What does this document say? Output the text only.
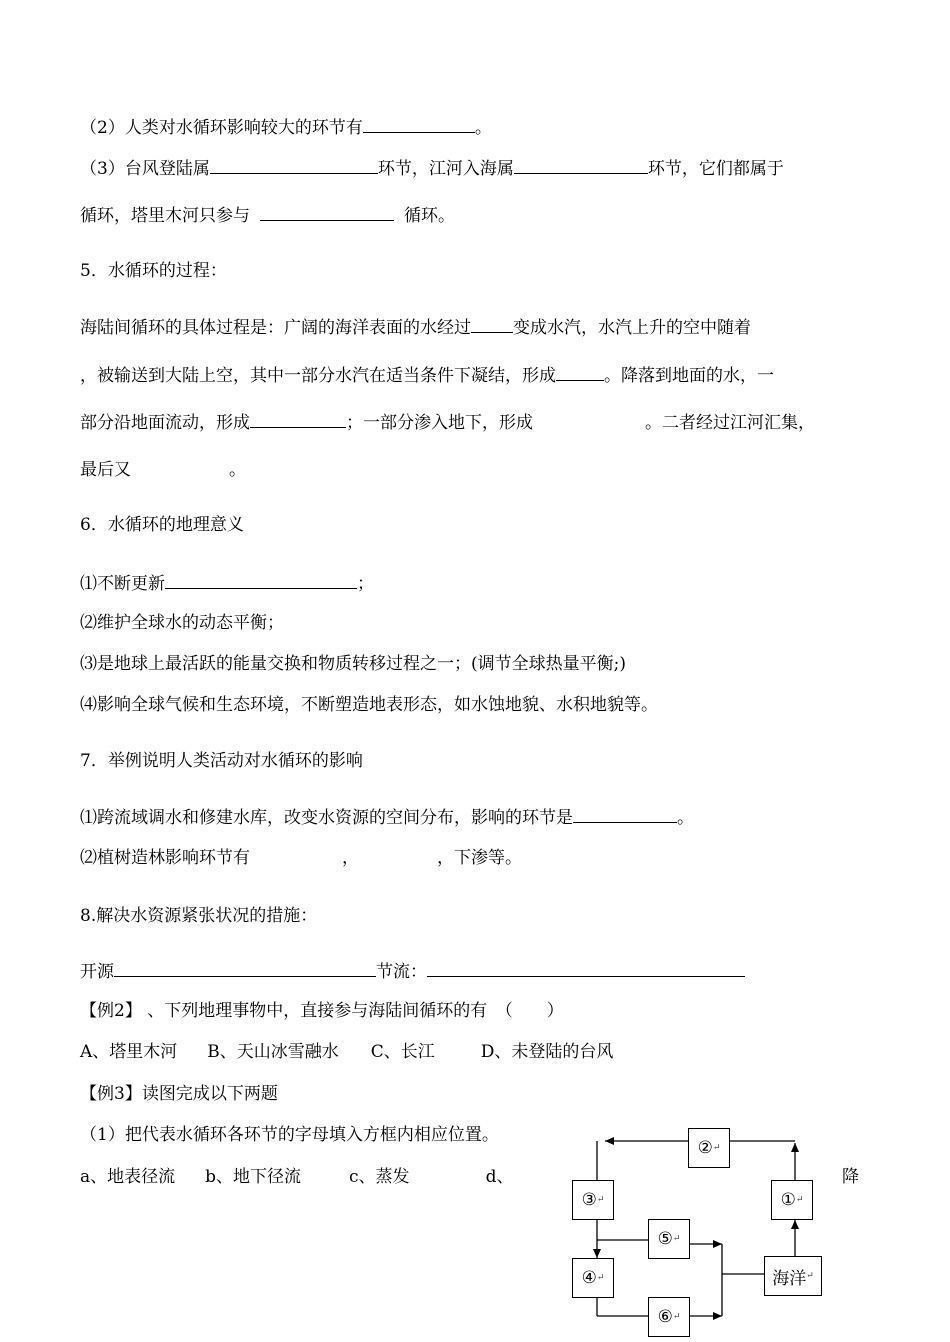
（2）人类对水循环影响较大的环节有	。
（3）台风登陆属	环节，江河入海属	环节，它们都属于
循环，塔里木河只参与	循环。
5．水循环的过程：
海陆间循环的具体过程是：广阔的海洋表面的水经过 变成水汽，水汽上升的空中随着
，被输送到大陆上空，其中一部分水汽在适当条件下凝结，形成	。降落到地面的水，一
部分沿地面流动，形成	；一部分渗入地下，形成	。二者经过江河汇集，
最后又	。
6．水循环的地理意义
⑴不断更新	；
⑵维护全球水的动态平衡；
⑶是地球上最活跃的能量交换和物质转移过程之一；(调节全球热量平衡;)
⑷影响全球气候和生态环境，不断塑造地表形态，如水蚀地貌、水积地貌等。
7．举例说明人类活动对水循环的影响
⑴跨流域调水和修建水库，改变水资源的空间分布，影响的环节是	。
⑵植树造林影响环节有	，	，下渗等。
8.解决水资源紧张状况的措施：
开源	节流：
【例2】 、下列地理事物中，直接参与海陆间循环的有　（　　）
A、塔里木河 B、天山冰雪融水 C、长江	D、未登陆的台风
【例3】读图完成以下两题
（1）把代表水循环各环节的字母填入方框内相应位置。
a、地表径流 b、地下径流	c、蒸发	d、	降
② ↵
③ ↵	① ↵
⑤ ↵
④ ↵	海洋 ↵
⑥ ↵
